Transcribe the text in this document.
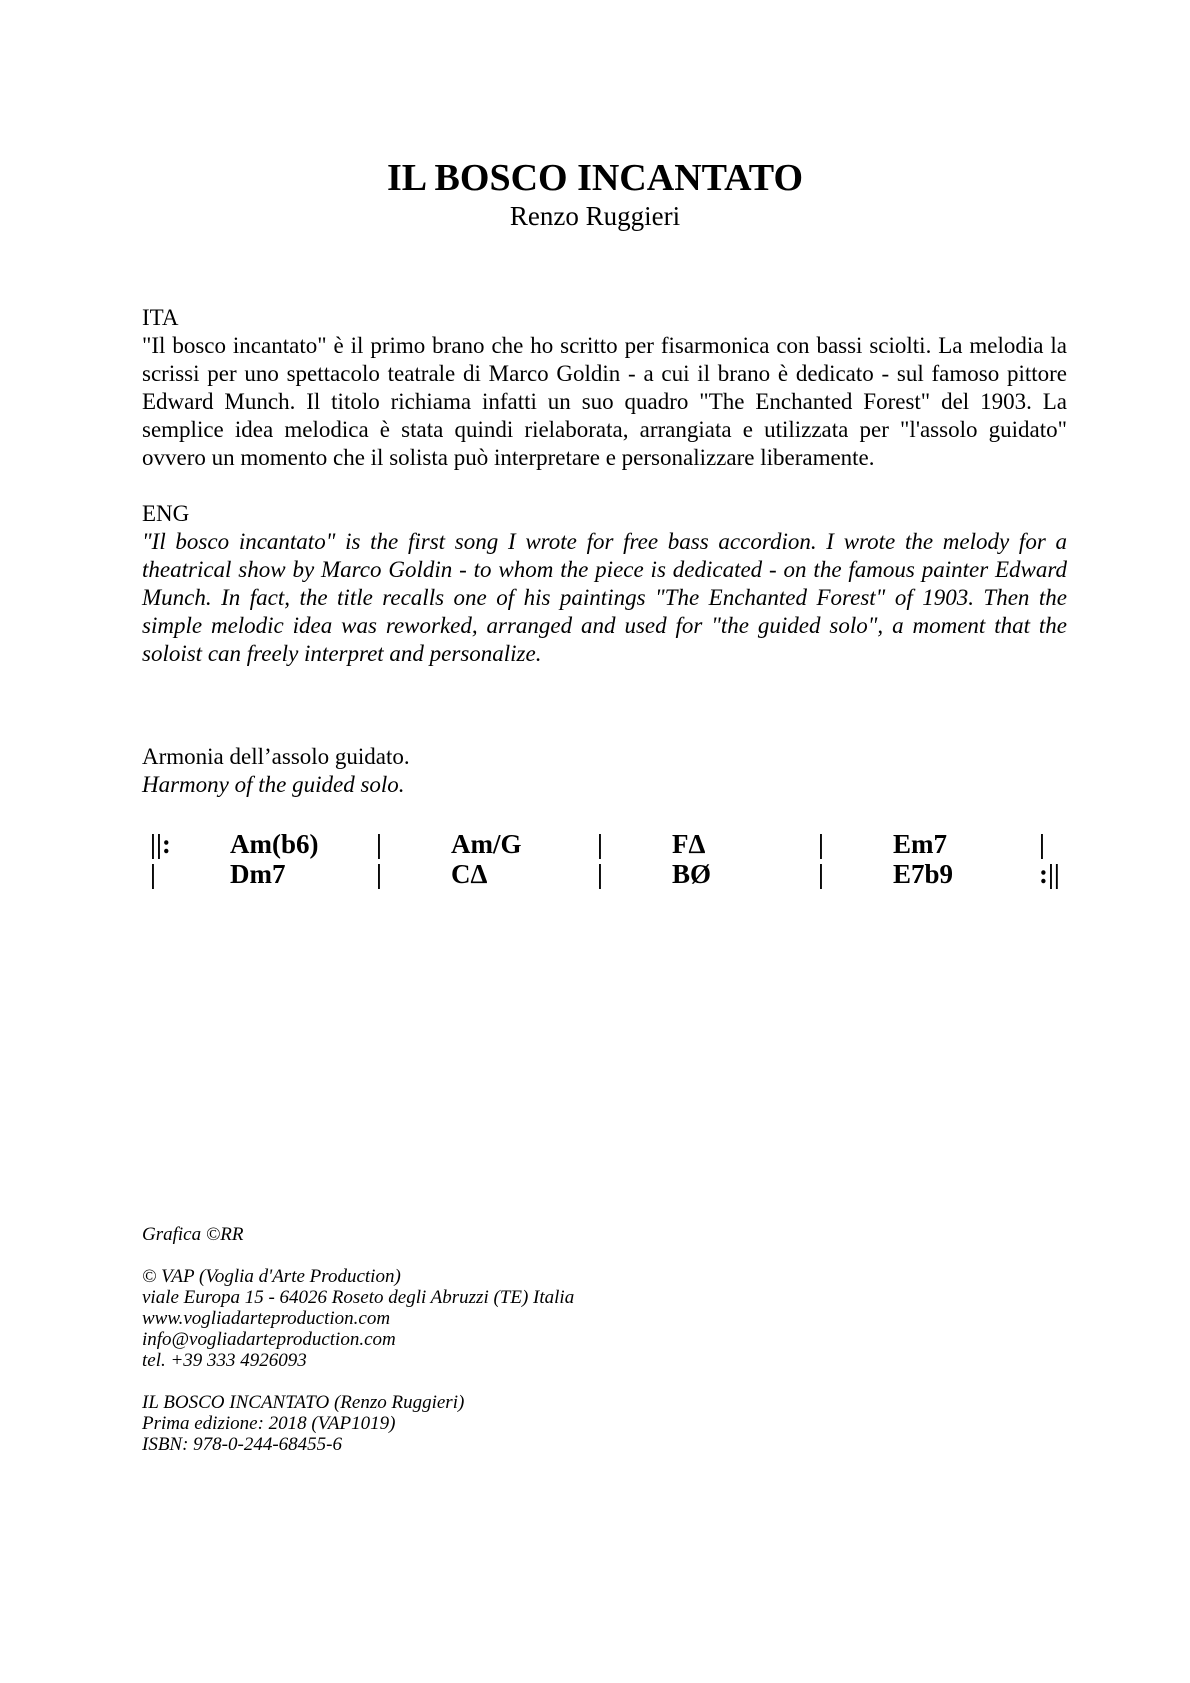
IL BOSCO INCANTATO
Renzo Ruggieri
ITA

"Il bosco incantato" è il primo brano che ho scritto per fisarmonica con bassi sciolti. La melodia la scrissi per uno spettacolo teatrale di Marco Goldin - a cui il brano è dedicato - sul famoso pittore Edward Munch. Il titolo richiama infatti un suo quadro "The Enchanted Forest" del 1903. La semplice idea melodica è stata quindi rielaborata, arrangiata e utilizzata per "l'assolo guidato" ovvero un momento che il solista può interpretare e personalizzare liberamente.

ENG

"Il bosco incantato" is the first song I wrote for free bass accordion. I wrote the melody for a theatrical show by Marco Goldin - to whom the piece is dedicated - on the famous painter Edward Munch. In fact, the title recalls one of his paintings "The Enchanted Forest" of 1903. Then the simple melodic idea was reworked, arranged and used for "the guided solo", a moment that the soloist can freely interpret and personalize.

Armonia dell’assolo guidato.
Harmony of the guided solo.
||:	Am(b6)	|	Am/G	|	FΔ	|	Em7	|
|	Dm7	|	CΔ	|	BØ	|	E7b9	:||
Grafica ©RR
© VAP (Voglia d'Arte Production)
viale Europa 15 - 64026 Roseto degli Abruzzi (TE) Italia
www.vogliadarteproduction.com
info@vogliadarteproduction.com
tel. +39 333 4926093
IL BOSCO INCANTATO (Renzo Ruggieri)
Prima edizione: 2018 (VAP1019)
ISBN: 978-0-244-68455-6
